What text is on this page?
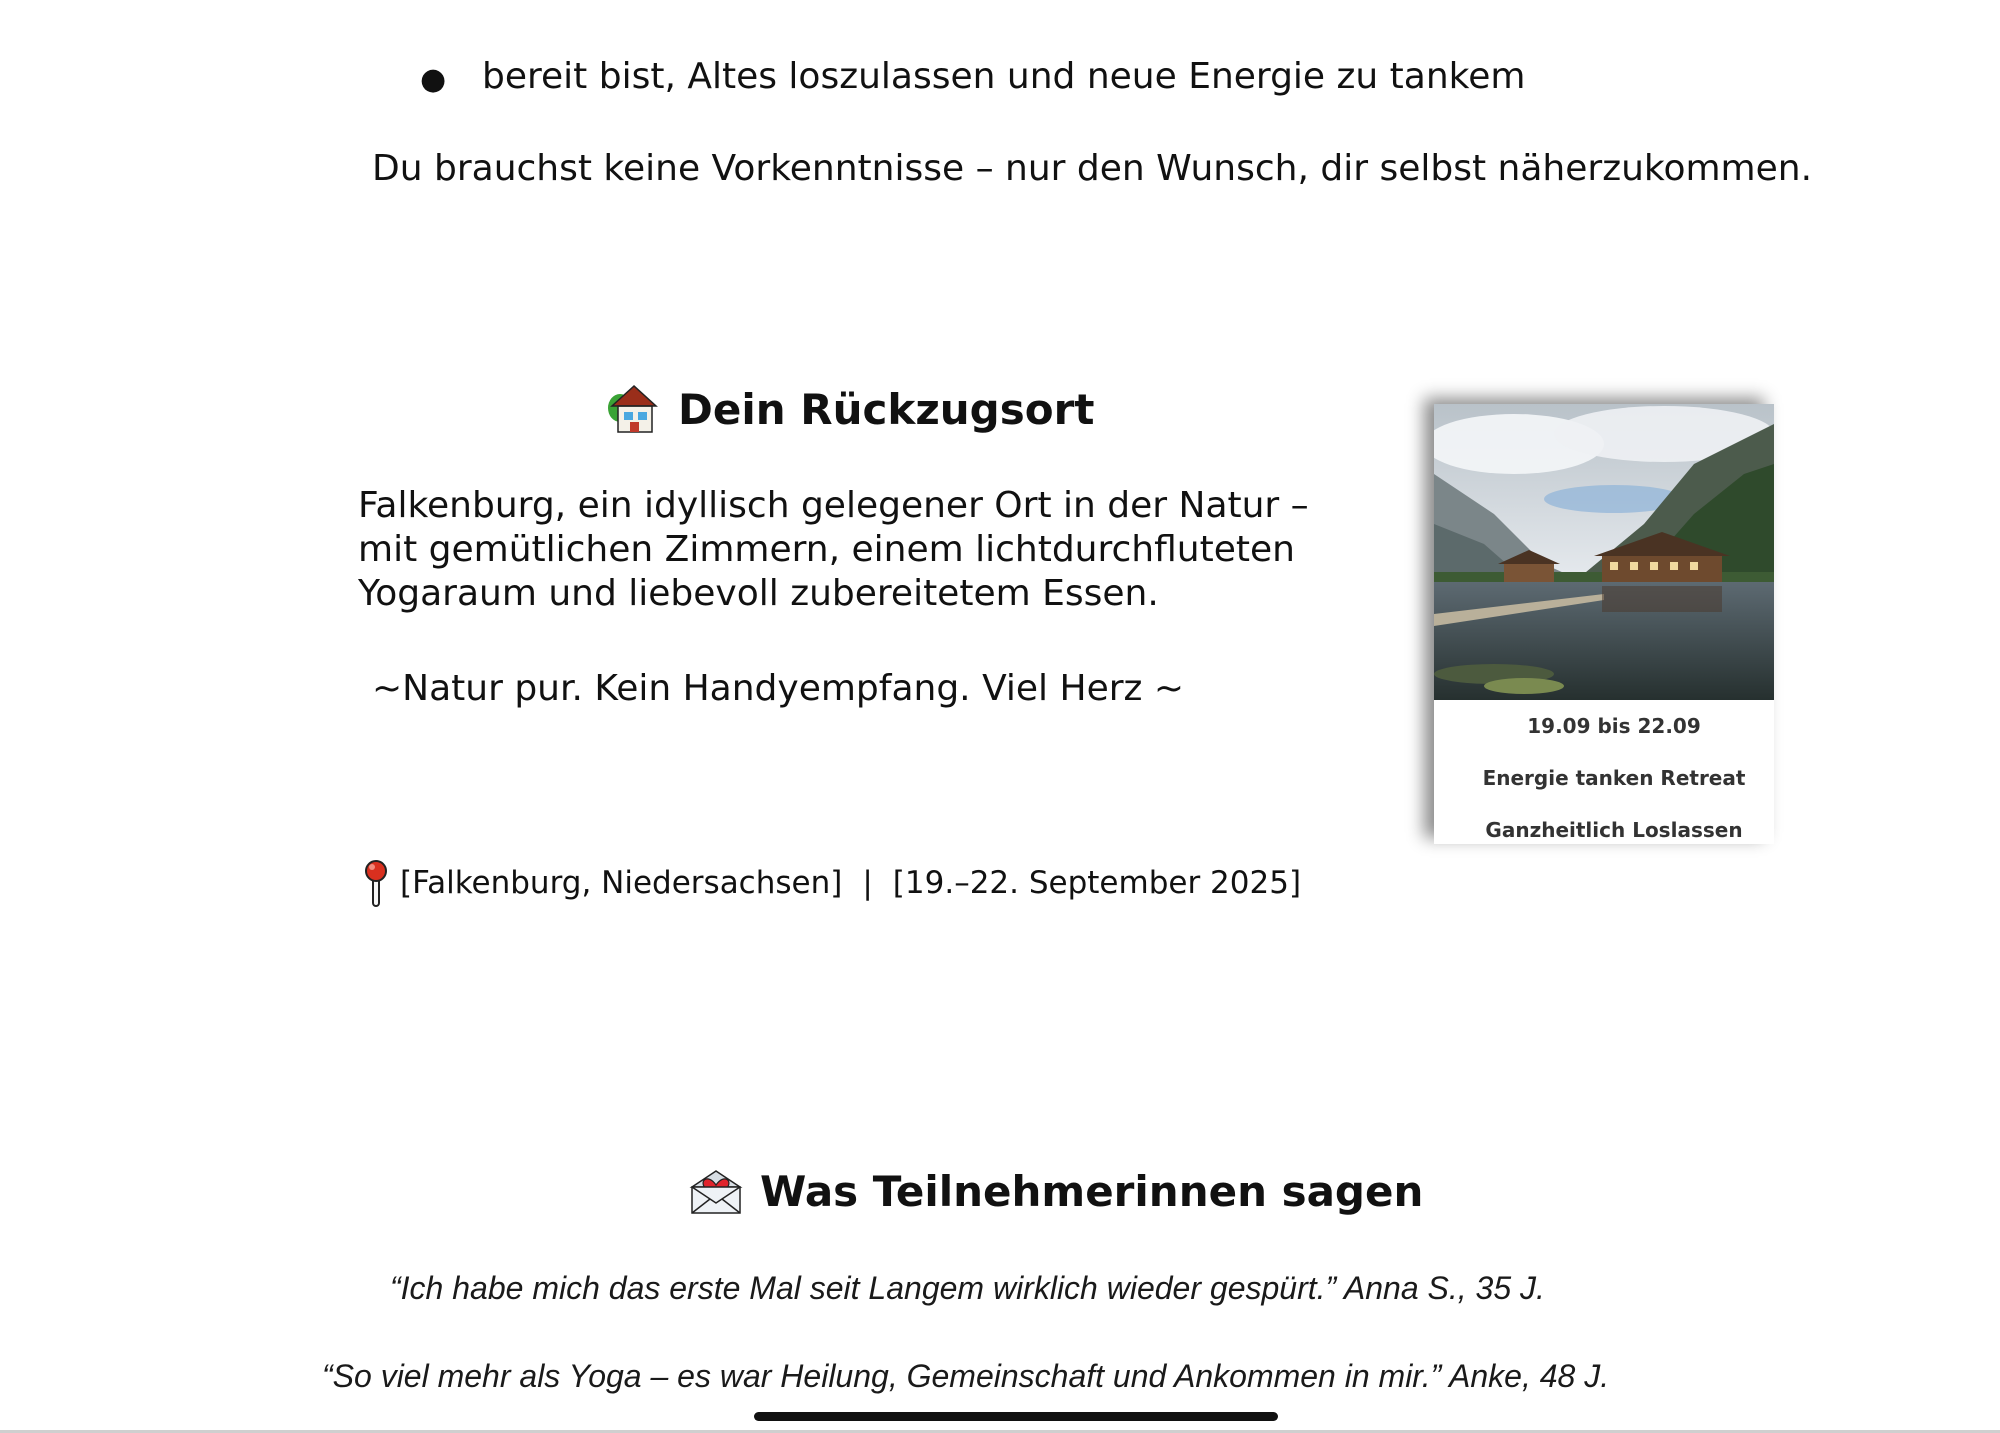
● bereit bist, Altes loszulassen und neue Energie zu tankem
Du brauchst keine Vorkenntnisse – nur den Wunsch, dir selbst näherzukommen.
Dein Rückzugsort
Falkenburg, ein idyllisch gelegener Ort in der Natur –
mit gemütlichen Zimmern, einem lichtdurchfluteten
Yogaraum und liebevoll zubereitetem Essen.
~Natur pur. Kein Handyempfang. Viel Herz ~
[Falkenburg, Niedersachsen] | [19.–22. September 2025]
19.09 bis 22.09
Energie tanken Retreat
Ganzheitlich Loslassen
Was Teilnehmerinnen sagen
“Ich habe mich das erste Mal seit Langem wirklich wieder gespürt.” Anna S., 35 J.
“So viel mehr als Yoga – es war Heilung, Gemeinschaft und Ankommen in mir.” Anke, 48 J.
